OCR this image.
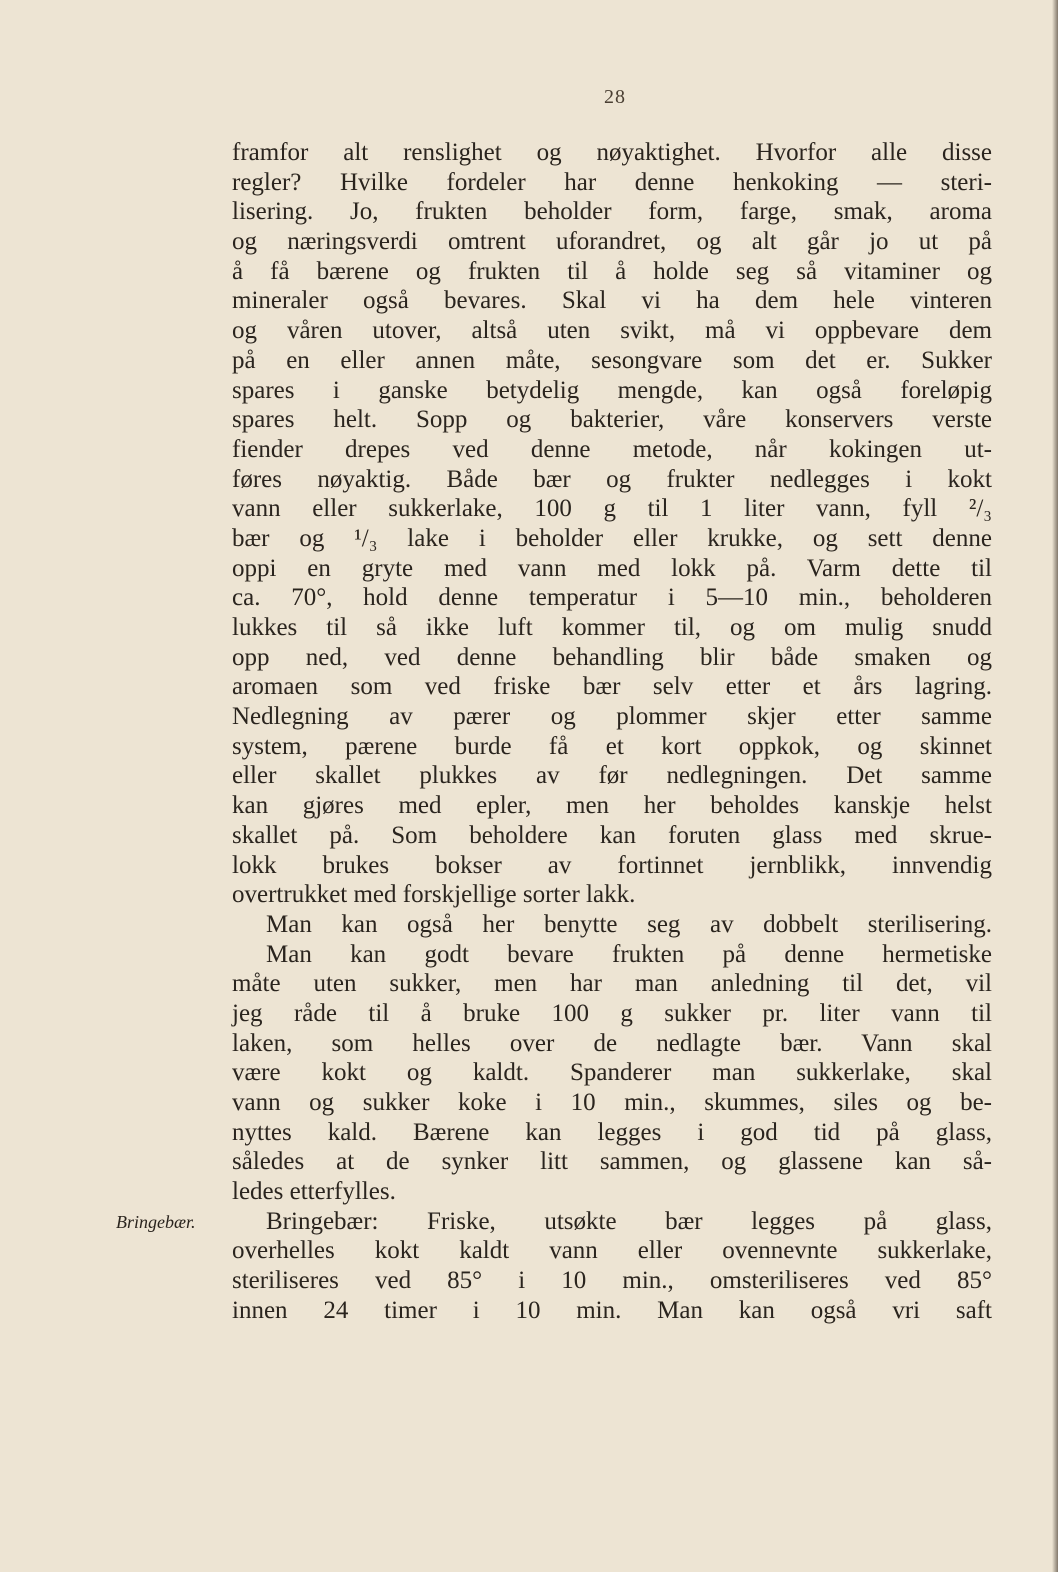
28
Bringebær.
framfor alt renslighet og nøyaktighet. Hvorfor alle disse
regler? Hvilke fordeler har denne henkoking — steri-
lisering. Jo, frukten beholder form, farge, smak, aroma
og næringsverdi omtrent uforandret, og alt går jo ut på
å få bærene og frukten til å holde seg så vitaminer og
mineraler også bevares. Skal vi ha dem hele vinteren
og våren utover, altså uten svikt, må vi oppbevare dem
på en eller annen måte, sesongvare som det er. Sukker
spares i ganske betydelig mengde, kan også foreløpig
spares helt. Sopp og bakterier, våre konservers verste
fiender drepes ved denne metode, når kokingen ut-
føres nøyaktig. Både bær og frukter nedlegges i kokt
vann eller sukkerlake, 100 g til 1 liter vann, fyll ²/₃
bær og ¹/₃ lake i beholder eller krukke, og sett denne
oppi en gryte med vann med lokk på. Varm dette til
ca. 70°, hold denne temperatur i 5—10 min., beholderen
lukkes til så ikke luft kommer til, og om mulig snudd
opp ned, ved denne behandling blir både smaken og
aromaen som ved friske bær selv etter et års lagring.
Nedlegning av pærer og plommer skjer etter samme
system, pærene burde få et kort oppkok, og skinnet
eller skallet plukkes av før nedlegningen. Det samme
kan gjøres med epler, men her beholdes kanskje helst
skallet på. Som beholdere kan foruten glass med skrue-
lokk brukes bokser av fortinnet jernblikk, innvendig
overtrukket med forskjellige sorter lakk.
Man kan også her benytte seg av dobbelt sterilisering.
Man kan godt bevare frukten på denne hermetiske
måte uten sukker, men har man anledning til det, vil
jeg råde til å bruke 100 g sukker pr. liter vann til
laken, som helles over de nedlagte bær. Vann skal
være kokt og kaldt. Spanderer man sukkerlake, skal
vann og sukker koke i 10 min., skummes, siles og be-
nyttes kald. Bærene kan legges i god tid på glass,
således at de synker litt sammen, og glassene kan så-
ledes etterfylles.
Bringebær: Friske, utsøkte bær legges på glass,
overhelles kokt kaldt vann eller ovennevnte sukkerlake,
steriliseres ved 85° i 10 min., omsteriliseres ved 85°
innen 24 timer i 10 min. Man kan også vri saft
